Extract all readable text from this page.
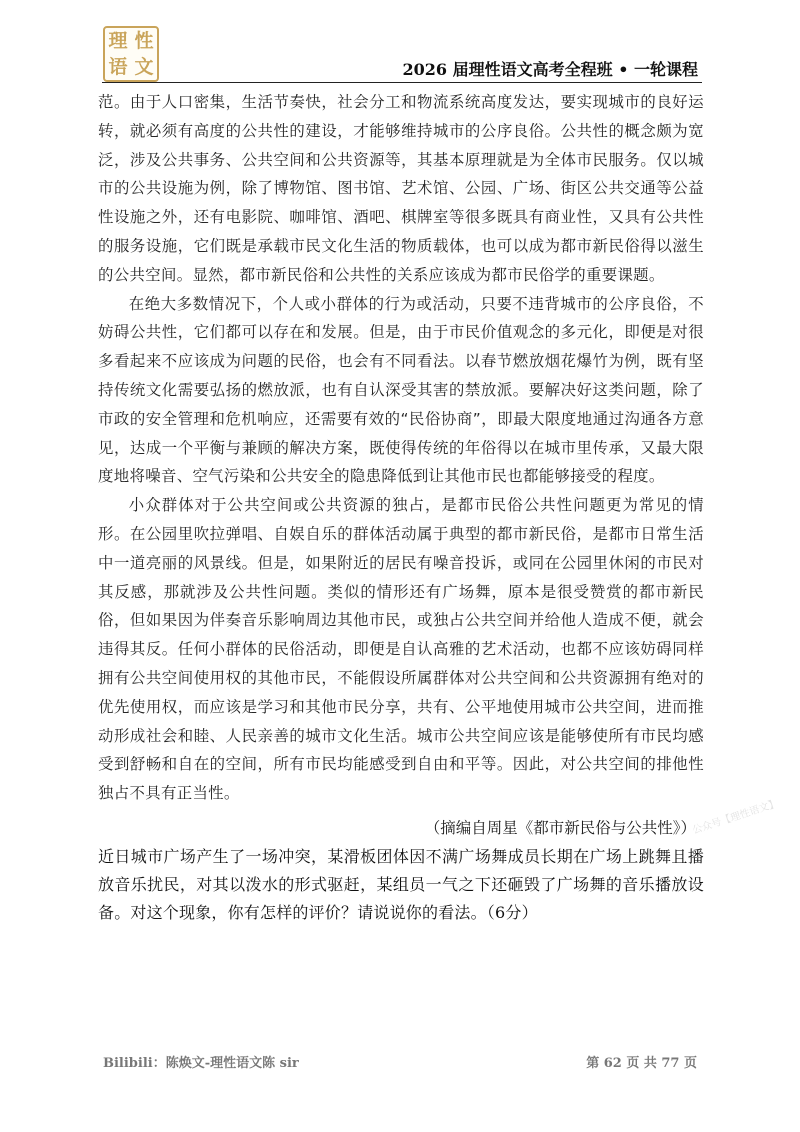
理 性
语 文	2026 届理性语文高考全程班 • 一轮课程

范。由于人口密集，生活节奏快，社会分工和物流系统高度发达，要实现城市的良好运转，就必须有高度的公共性的建设，才能够维持城市的公序良俗。公共性的概念颇为宽泛，涉及公共事务、公共空间和公共资源等，其基本原理就是为全体市民服务。仅以城市的公共设施为例，除了博物馆、图书馆、艺术馆、公园、广场、街区公共交通等公益性设施之外，还有电影院、咖啡馆、酒吧、棋牌室等很多既具有商业性，又具有公共性的服务设施，它们既是承载市民文化生活的物质载体，也可以成为都市新民俗得以滋生的公共空间。显然，都市新民俗和公共性的关系应该成为都市民俗学的重要课题。

在绝大多数情况下，个人或小群体的行为或活动，只要不违背城市的公序良俗，不妨碍公共性，它们都可以存在和发展。但是，由于市民价值观念的多元化，即便是对很多看起来不应该成为问题的民俗，也会有不同看法。以春节燃放烟花爆竹为例，既有坚持传统文化需要弘扬的燃放派，也有自认深受其害的禁放派。要解决好这类问题，除了市政的安全管理和危机响应，还需要有效的“民俗协商”，即最大限度地通过沟通各方意见，达成一个平衡与兼顾的解决方案，既使得传统的年俗得以在城市里传承，又最大限度地将噪音、空气污染和公共安全的隐患降低到让其他市民也都能够接受的程度。

小众群体对于公共空间或公共资源的独占，是都市民俗公共性问题更为常见的情形。在公园里吹拉弹唱、自娱自乐的群体活动属于典型的都市新民俗，是都市日常生活中一道亮丽的风景线。但是，如果附近的居民有噪音投诉，或同在公园里休闲的市民对其反感，那就涉及公共性问题。类似的情形还有广场舞，原本是很受赞赏的都市新民俗，但如果因为伴奏音乐影响周边其他市民，或独占公共空间并给他人造成不便，就会违得其反。任何小群体的民俗活动，即便是自认高雅的艺术活动，也都不应该妨碍同样拥有公共空间使用权的其他市民，不能假设所属群体对公共空间和公共资源拥有绝对的优先使用权，而应该是学习和其他市民分享，共有、公平地使用城市公共空间，进而推动形成社会和睦、人民亲善的城市文化生活。城市公共空间应该是能够使所有市民均感受到舒畅和自在的空间，所有市民均能感受到自由和平等。因此，对公共空间的排他性独占不具有正当性。

（摘编自周星《都市新民俗与公共性》）
公众号【理性语文】
近日城市广场产生了一场冲突，某滑板团体因不满广场舞成员长期在广场上跳舞且播放音乐扰民，对其以泼水的形式驱赶，某组员一气之下还砸毁了广场舞的音乐播放设备。对这个现象，你有怎样的评价？请说说你的看法。（6分）
Bilibili：陈焕文-理性语文陈 sir	第 62 页 共 77 页
